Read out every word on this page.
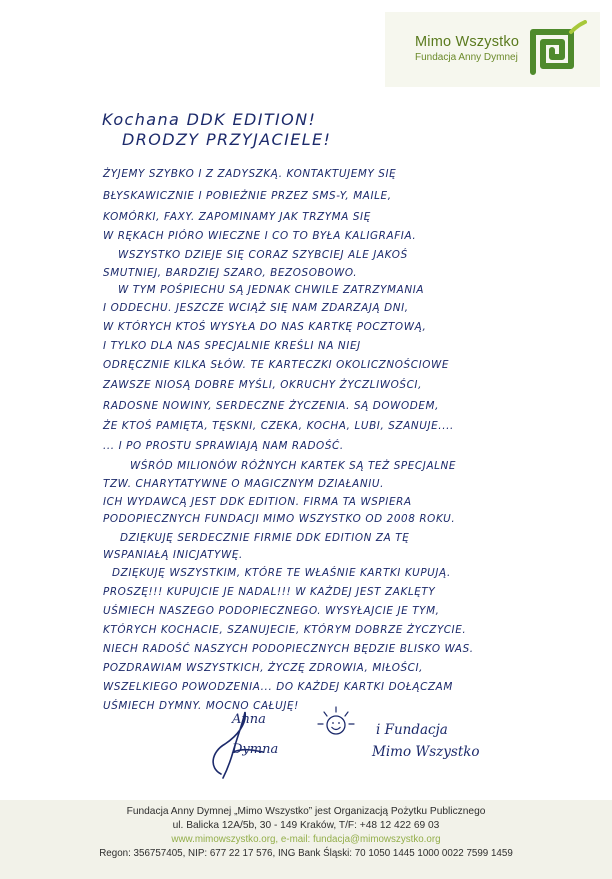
Mimo Wszystko
Fundacja Anny Dymnej
Kochana DDK EDITION!
DRODZY PRZYJACIELE!
ŻYJEMY SZYBKO I Z ZADYSZKĄ. KONTAKTUJEMY SIĘ
BŁYSKAWICZNIE I POBIEŻNIE PRZEZ SMS-Y, MAILE,
KOMÓRKI, FAXY. ZAPOMINAMY JAK TRZYMA SIĘ
W RĘKACH PIÓRO WIECZNE I CO TO BYŁA KALIGRAFIA.
WSZYSTKO DZIEJE SIĘ CORAZ SZYBCIEJ ALE JAKOŚ
SMUTNIEJ, BARDZIEJ SZARO, BEZOSOBOWO.
W TYM POŚPIECHU SĄ JEDNAK CHWILE ZATRZYMANIA
I ODDECHU. JESZCZE WCIĄŻ SIĘ NAM ZDARZAJĄ DNI,
W KTÓRYCH KTOŚ WYSYŁA DO NAS KARTKĘ POCZTOWĄ,
I TYLKO DLA NAS SPECJALNIE KREŚLI NA NIEJ
ODRĘCZNIE KILKA SŁÓW. TE KARTECZKI OKOLICZNOŚCIOWE
ZAWSZE NIOSĄ DOBRE MYŚLI, OKRUCHY ŻYCZLIWOŚCI,
RADOSNE NOWINY, SERDECZNE ŻYCZENIA. SĄ DOWODEM,
ŻE KTOŚ PAMIĘTA, TĘSKNI, CZEKA, KOCHA, LUBI, SZANUJE....
... I PO PROSTU SPRAWIAJĄ NAM RADOŚĆ.
WŚRÓD MILIONÓW RÓŻNYCH KARTEK SĄ TEŻ SPECJALNE
TZW. CHARYTATYWNE O MAGICZNYM DZIAŁANIU.
ICH WYDAWCĄ JEST DDK EDITION. FIRMA TA WSPIERA
PODOPIECZNYCH FUNDACJI MIMO WSZYSTKO OD 2008 ROKU.
DZIĘKUJĘ SERDECZNIE FIRMIE DDK EDITION ZA TĘ
WSPANIAŁĄ INICJATYWĘ.
DZIĘKUJĘ WSZYSTKIM, KTÓRE TE WŁAŚNIE KARTKI KUPUJĄ.
PROSZĘ!!! KUPUJCIE JE NADAL!!! W KAŻDEJ JEST ZAKLĘTY
UŚMIECH NASZEGO PODOPIECZNEGO. WYSYŁAJCIE JE TYM,
KTÓRYCH KOCHACIE, SZANUJECIE, KTÓRYM DOBRZE ŻYCZYCIE.
NIECH RADOŚĆ NASZYCH PODOPIECZNYCH BĘDZIE BLISKO WAS.
POZDRAWIAM WSZYSTKICH, ŻYCZĘ ZDROWIA, MIŁOŚCI,
WSZELKIEGO POWODZENIA... DO KAŻDEJ KARTKI DOŁĄCZAM
UŚMIECH DYMNY. MOCNO CAŁUJĘ!
Anna
Dymna
i Fundacja
Mimo Wszystko
Fundacja Anny Dymnej „Mimo Wszystko” jest Organizacją Pożytku Publicznego
ul. Balicka 12A/5b, 30 - 149 Kraków, T/F: +48 12 422 69 03
www.mimowszystko.org, e-mail: fundacja@mimowszystko.org
Regon: 356757405, NIP: 677 22 17 576, ING Bank Śląski: 70 1050 1445 1000 0022 7599 1459
